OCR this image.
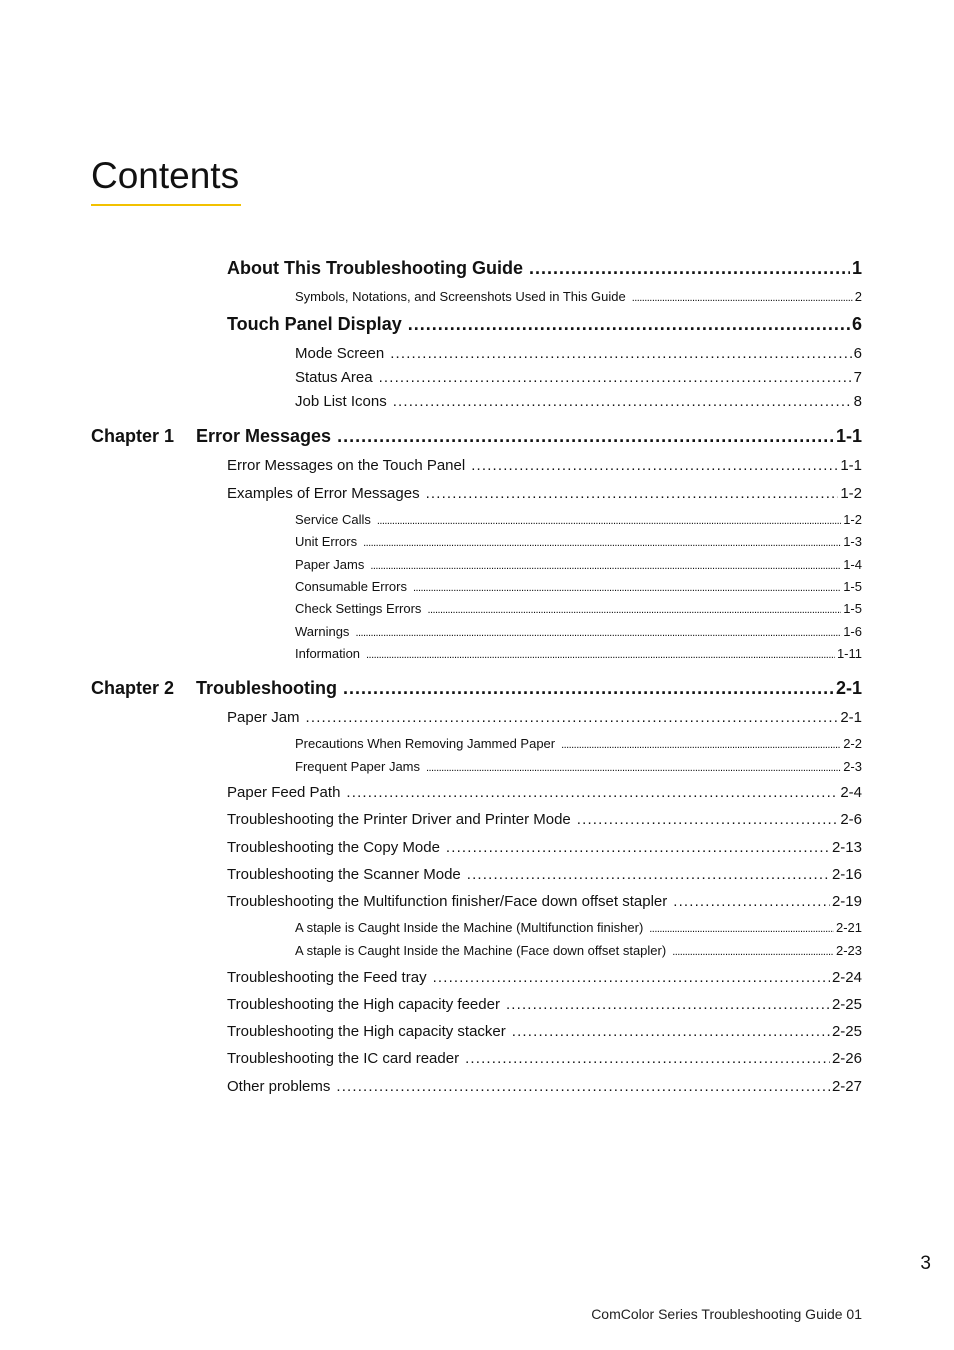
Contents
About This Troubleshooting Guide . . .	1
Symbols, Notations, and Screenshots Used in This Guide . . .	2
Touch Panel Display . . .	6
Mode Screen . . .	6
Status Area . . .	7
Job List Icons . . .	8
Chapter 1 Error Messages . . .	1-1
Error Messages on the Touch Panel . . .	1-1
Examples of Error Messages . . .	1-2
Service Calls . . .	1-2
Unit Errors . . .	1-3
Paper Jams . . .	1-4
Consumable Errors . . .	1-5
Check Settings Errors . . .	1-5
Warnings . . .	1-6
Information . . .	1-11
Chapter 2 Troubleshooting . . .	2-1
Paper Jam . . .	2-1
Precautions When Removing Jammed Paper . . .	2-2
Frequent Paper Jams . . .	2-3
Paper Feed Path . . .	2-4
Troubleshooting the Printer Driver and Printer Mode . . .	2-6
Troubleshooting the Copy Mode . . .	2-13
Troubleshooting the Scanner Mode . . .	2-16
Troubleshooting the Multifunction finisher/Face down offset stapler . . .	2-19
A staple is Caught Inside the Machine (Multifunction finisher) . . .	2-21
A staple is Caught Inside the Machine (Face down offset stapler) . . .	2-23
Troubleshooting the Feed tray . . .	2-24
Troubleshooting the High capacity feeder . . .	2-25
Troubleshooting the High capacity stacker . . .	2-25
Troubleshooting the IC card reader . . .	2-26
Other problems . . .	2-27
3
ComColor Series Troubleshooting Guide 01
